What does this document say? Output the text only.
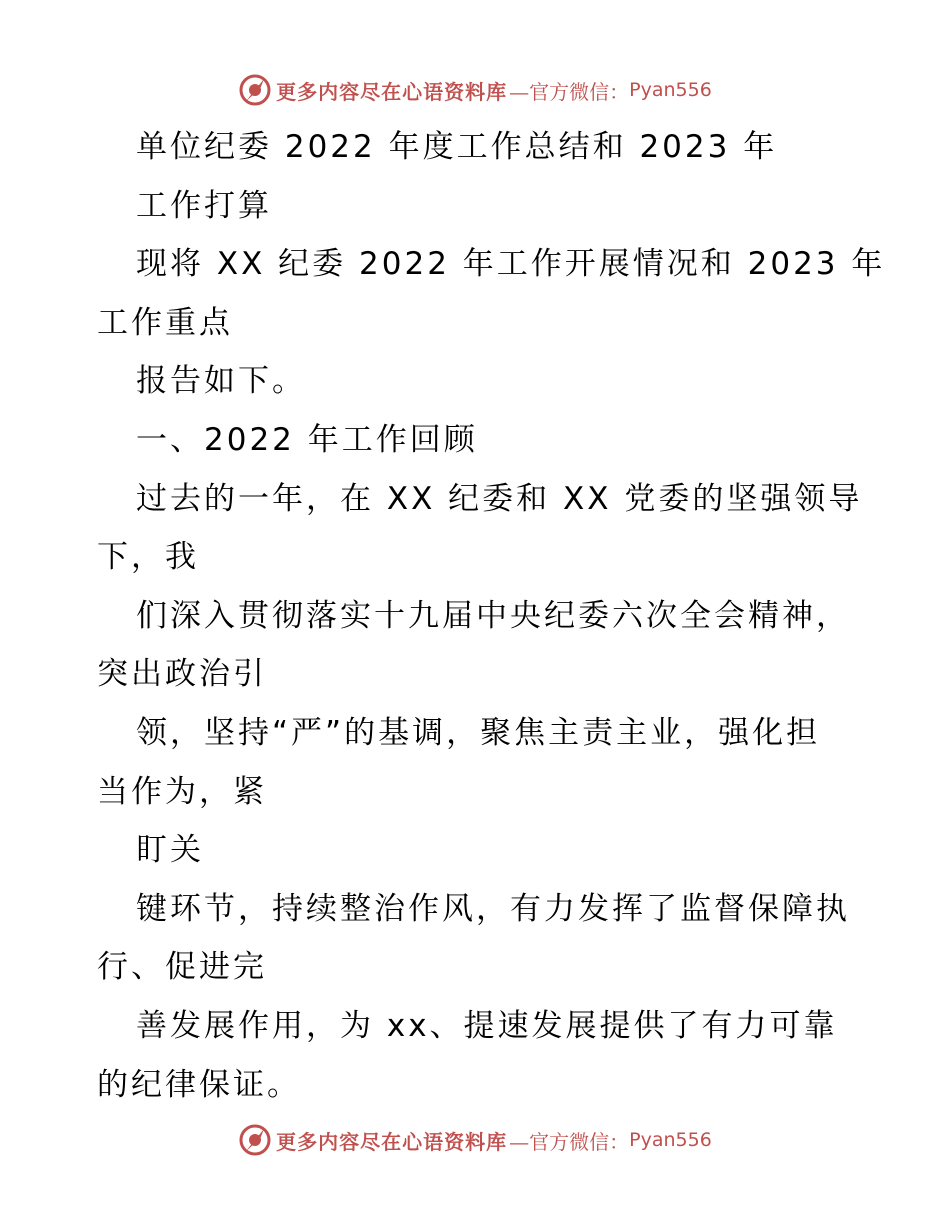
更多内容尽在心语资料库 —官方微信： Pyan556

单位纪委 2022 年度工作总结和 2023 年

工作打算

现将 XX 纪委 2022 年工作开展情况和 2023 年

工作重点

报告如下。

一、2022 年工作回顾

过去的一年，在 XX 纪委和 XX 党委的坚强领导

下，我

们深入贯彻落实十九届中央纪委六次全会精神，

突出政治引

领，坚持“严”的基调，聚焦主责主业，强化担

当作为，紧

盯关

键环节，持续整治作风，有力发挥了监督保障执

行、促进完

善发展作用，为 xx、提速发展提供了有力可靠

的纪律保证。

更多内容尽在心语资料库 —官方微信： Pyan556
